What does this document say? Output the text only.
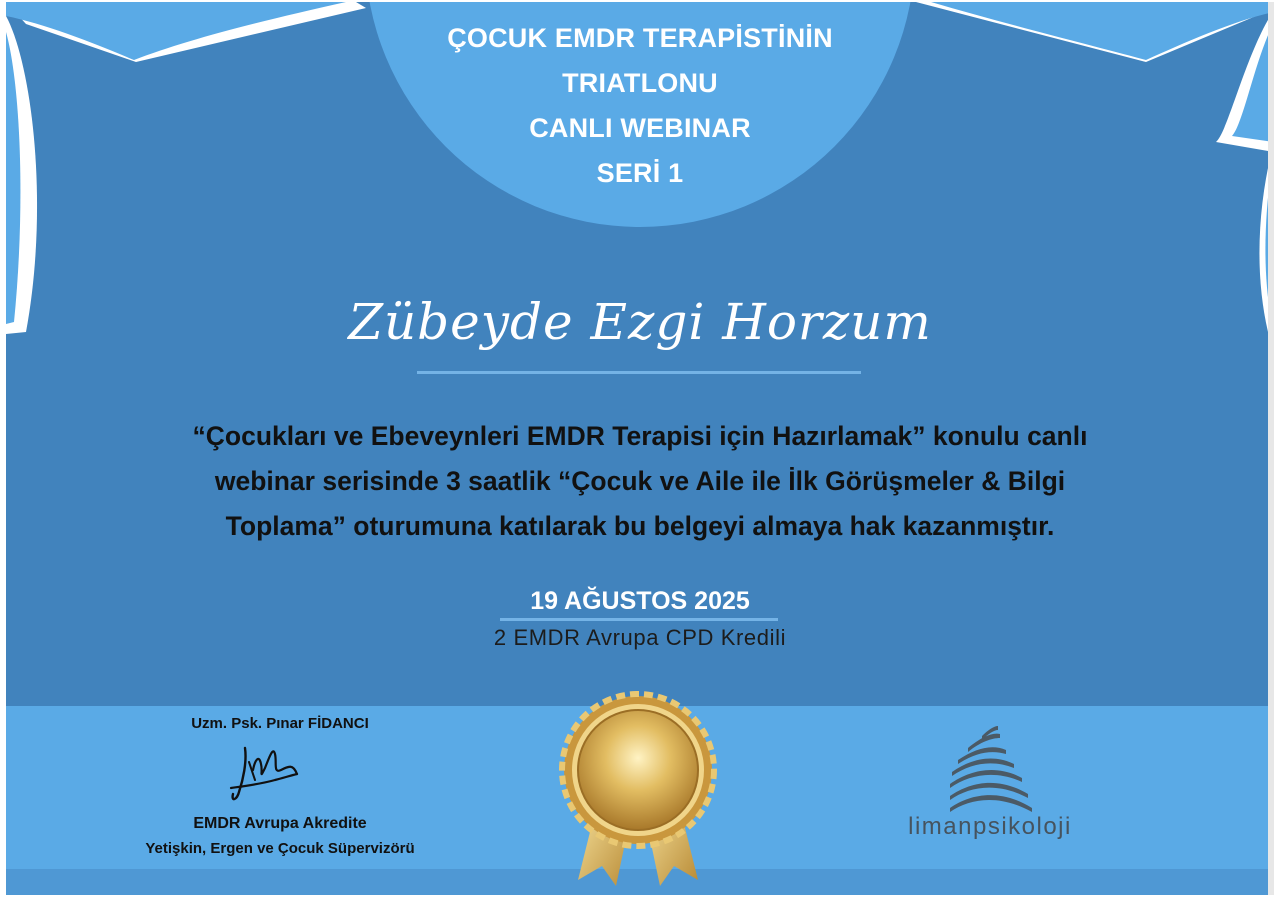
ÇOCUK EMDR TERAPİSTİNİN
TRIATLONU
CANLI WEBINAR
SERİ 1
Zübeyde Ezgi Horzum
“Çocukları ve Ebeveynleri EMDR Terapisi için Hazırlamak” konulu canlı
webinar serisinde 3 saatlik “Çocuk ve Aile ile İlk Görüşmeler & Bilgi
Toplama” oturumuna katılarak bu belgeyi almaya hak kazanmıştır.
19 AĞUSTOS 2025
2 EMDR Avrupa CPD Kredili
Uzm. Psk. Pınar FİDANCI
EMDR Avrupa Akredite
Yetişkin, Ergen ve Çocuk Süpervizörü
limanpsikoloji
